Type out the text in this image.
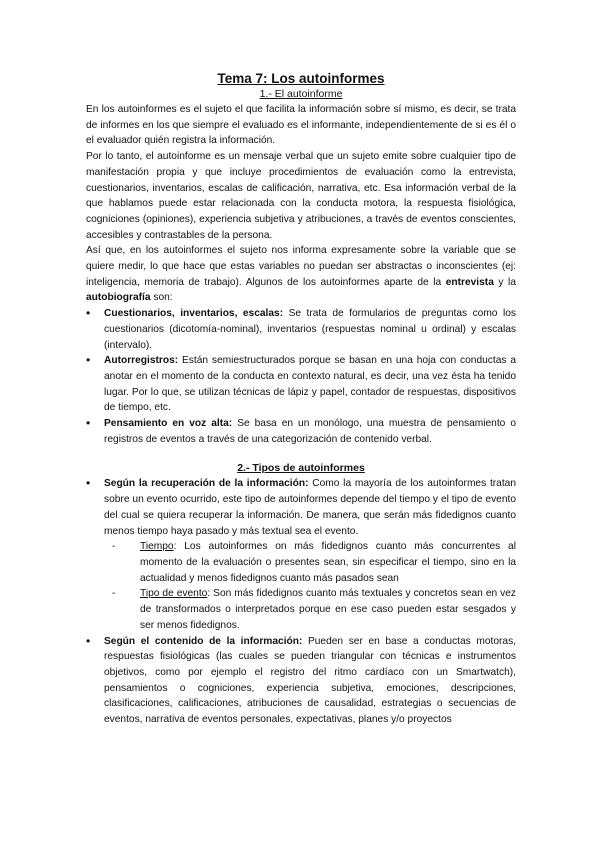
Tema 7: Los autoinformes
1.- El autoinforme

En los autoinformes es el sujeto el que facilita la información sobre sí mismo, es decir, se trata de informes en los que siempre el evaluado es el informante, independientemente de si es él o el evaluador quién registra la información.

Por lo tanto, el autoinforme es un mensaje verbal que un sujeto emite sobre cualquier tipo de manifestación propia y que incluye procedimientos de evaluación como la entrevista, cuestionarios, inventarios, escalas de calificación, narrativa, etc. Esa información verbal de la que hablamos puede estar relacionada con la conducta motora, la respuesta fisiológica, cogniciones (opiniones), experiencia subjetiva y atribuciones, a través de eventos conscientes, accesibles y contrastables de la persona.

Así que, en los autoinformes el sujeto nos informa expresamente sobre la variable que se quiere medir, lo que hace que estas variables no puedan ser abstractas o inconscientes (ej: inteligencia, memoria de trabajo). Algunos de los autoinformes aparte de la entrevista y la autobiografía son:

• Cuestionarios, inventarios, escalas: Se trata de formularios de preguntas como los cuestionarios (dicotomía-nominal), inventarios (respuestas nominal u ordinal) y escalas (intervalo).
• Autorregistros: Están semiestructurados porque se basan en una hoja con conductas a anotar en el momento de la conducta en contexto natural, es decir, una vez ésta ha tenido lugar. Por lo que, se utilizan técnicas de lápiz y papel, contador de respuestas, dispositivos de tiempo, etc.
• Pensamiento en voz alta: Se basa en un monólogo, una muestra de pensamiento o registros de eventos a través de una categorización de contenido verbal.
2.- Tipos de autoinformes
• Según la recuperación de la información: Como la mayoría de los autoinformes tratan sobre un evento ocurrido, este tipo de autoinformes depende del tiempo y el tipo de evento del cual se quiera recuperar la información. De manera, que serán más fidedignos cuanto menos tiempo haya pasado y más textual sea el evento.
- Tiempo: Los autoinformes on más fidedignos cuanto más concurrentes al momento de la evaluación o presentes sean, sin especificar el tiempo, sino en la actualidad y menos fidedignos cuanto más pasados sean
- Tipo de evento: Son más fidedignos cuanto más textuales y concretos sean en vez de transformados o interpretados porque en ese caso pueden estar sesgados y ser menos fidedignos.
• Según el contenido de la información: Pueden ser en base a conductas motoras, respuestas fisiológicas (las cuales se pueden triangular con técnicas e instrumentos objetivos, como por ejemplo el registro del ritmo cardíaco con un Smartwatch), pensamientos o cogniciones, experiencia subjetiva, emociones, descripciones, clasificaciones, calificaciones, atribuciones de causalidad, estrategias o secuencias de eventos, narrativa de eventos personales, expectativas, planes y/o proyectos
